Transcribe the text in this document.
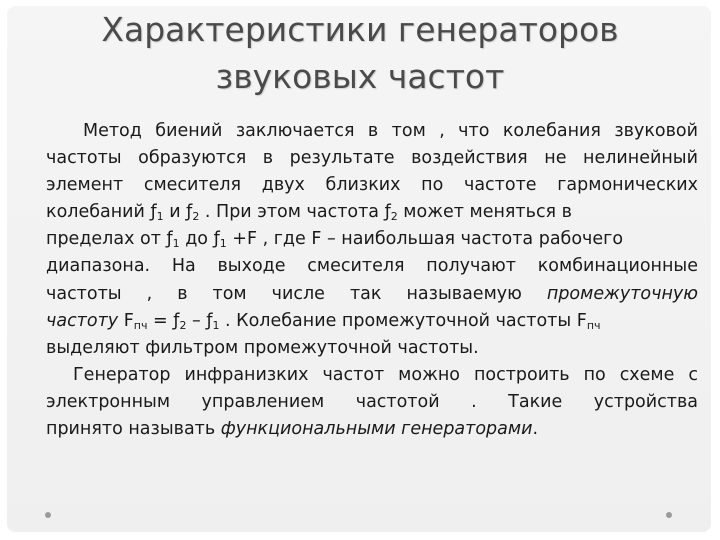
Характеристики генераторов
звуковых частот
Метод биений заключается в том , что колебания звуковой
частоты образуются в результате воздействия не нелинейный
элемент смесителя двух близких по частоте гармонических
колебаний $ƒ_1$ и $ƒ_2$ . При этом частота $ƒ_2$ может меняться в
пределах от $ƒ_1$ до $ƒ_1 +F$ , где F – наибольшая частота рабочего
диапазона. На выходе смесителя получают комбинационные
частоты , в том числе так называемую промежуточную
частоту $F_{пч}$ = $ƒ_2$ – $ƒ_1$ . Колебание промежуточной частоты $F_{пч}$
выделяют фильтром промежуточной частоты.
Генератор инфранизких частот можно построить по схеме с
электронным управлением частотой . Такие устройства
принято называть функциональными генераторами.
